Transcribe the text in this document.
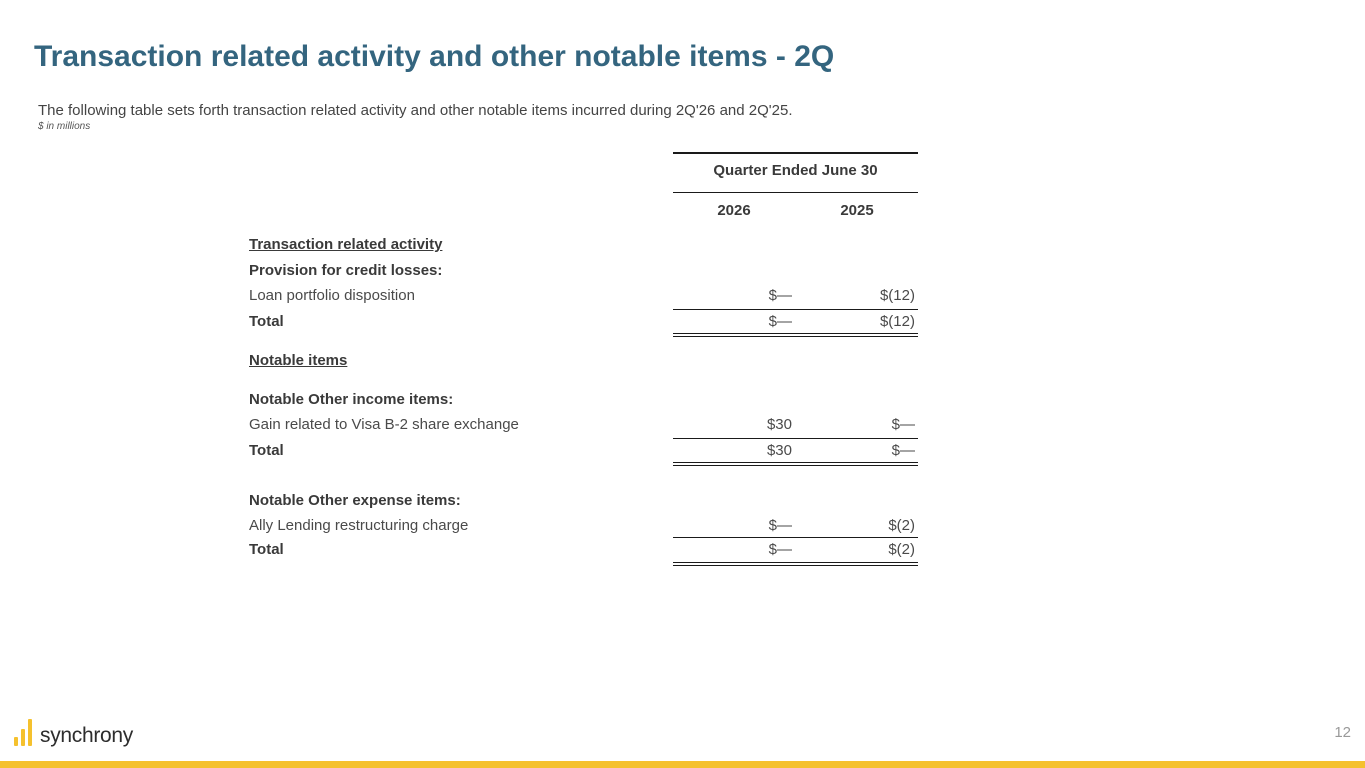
Transaction related activity and other notable items - 2Q
The following table sets forth transaction related activity and other notable items incurred during 2Q'26 and 2Q'25.
$ in millions
Quarter Ended June 30
2026	2025
Transaction related activity
Provision for credit losses:
Loan portfolio disposition	$—	$(12)
Total	$—	$(12)
Notable items
Notable Other income items:
Gain related to Visa B-2 share exchange	$30	$—
Total	$30	$—
Notable Other expense items:
Ally Lending restructuring charge	$—	$(2)
Total	$—	$(2)
synchrony	12
